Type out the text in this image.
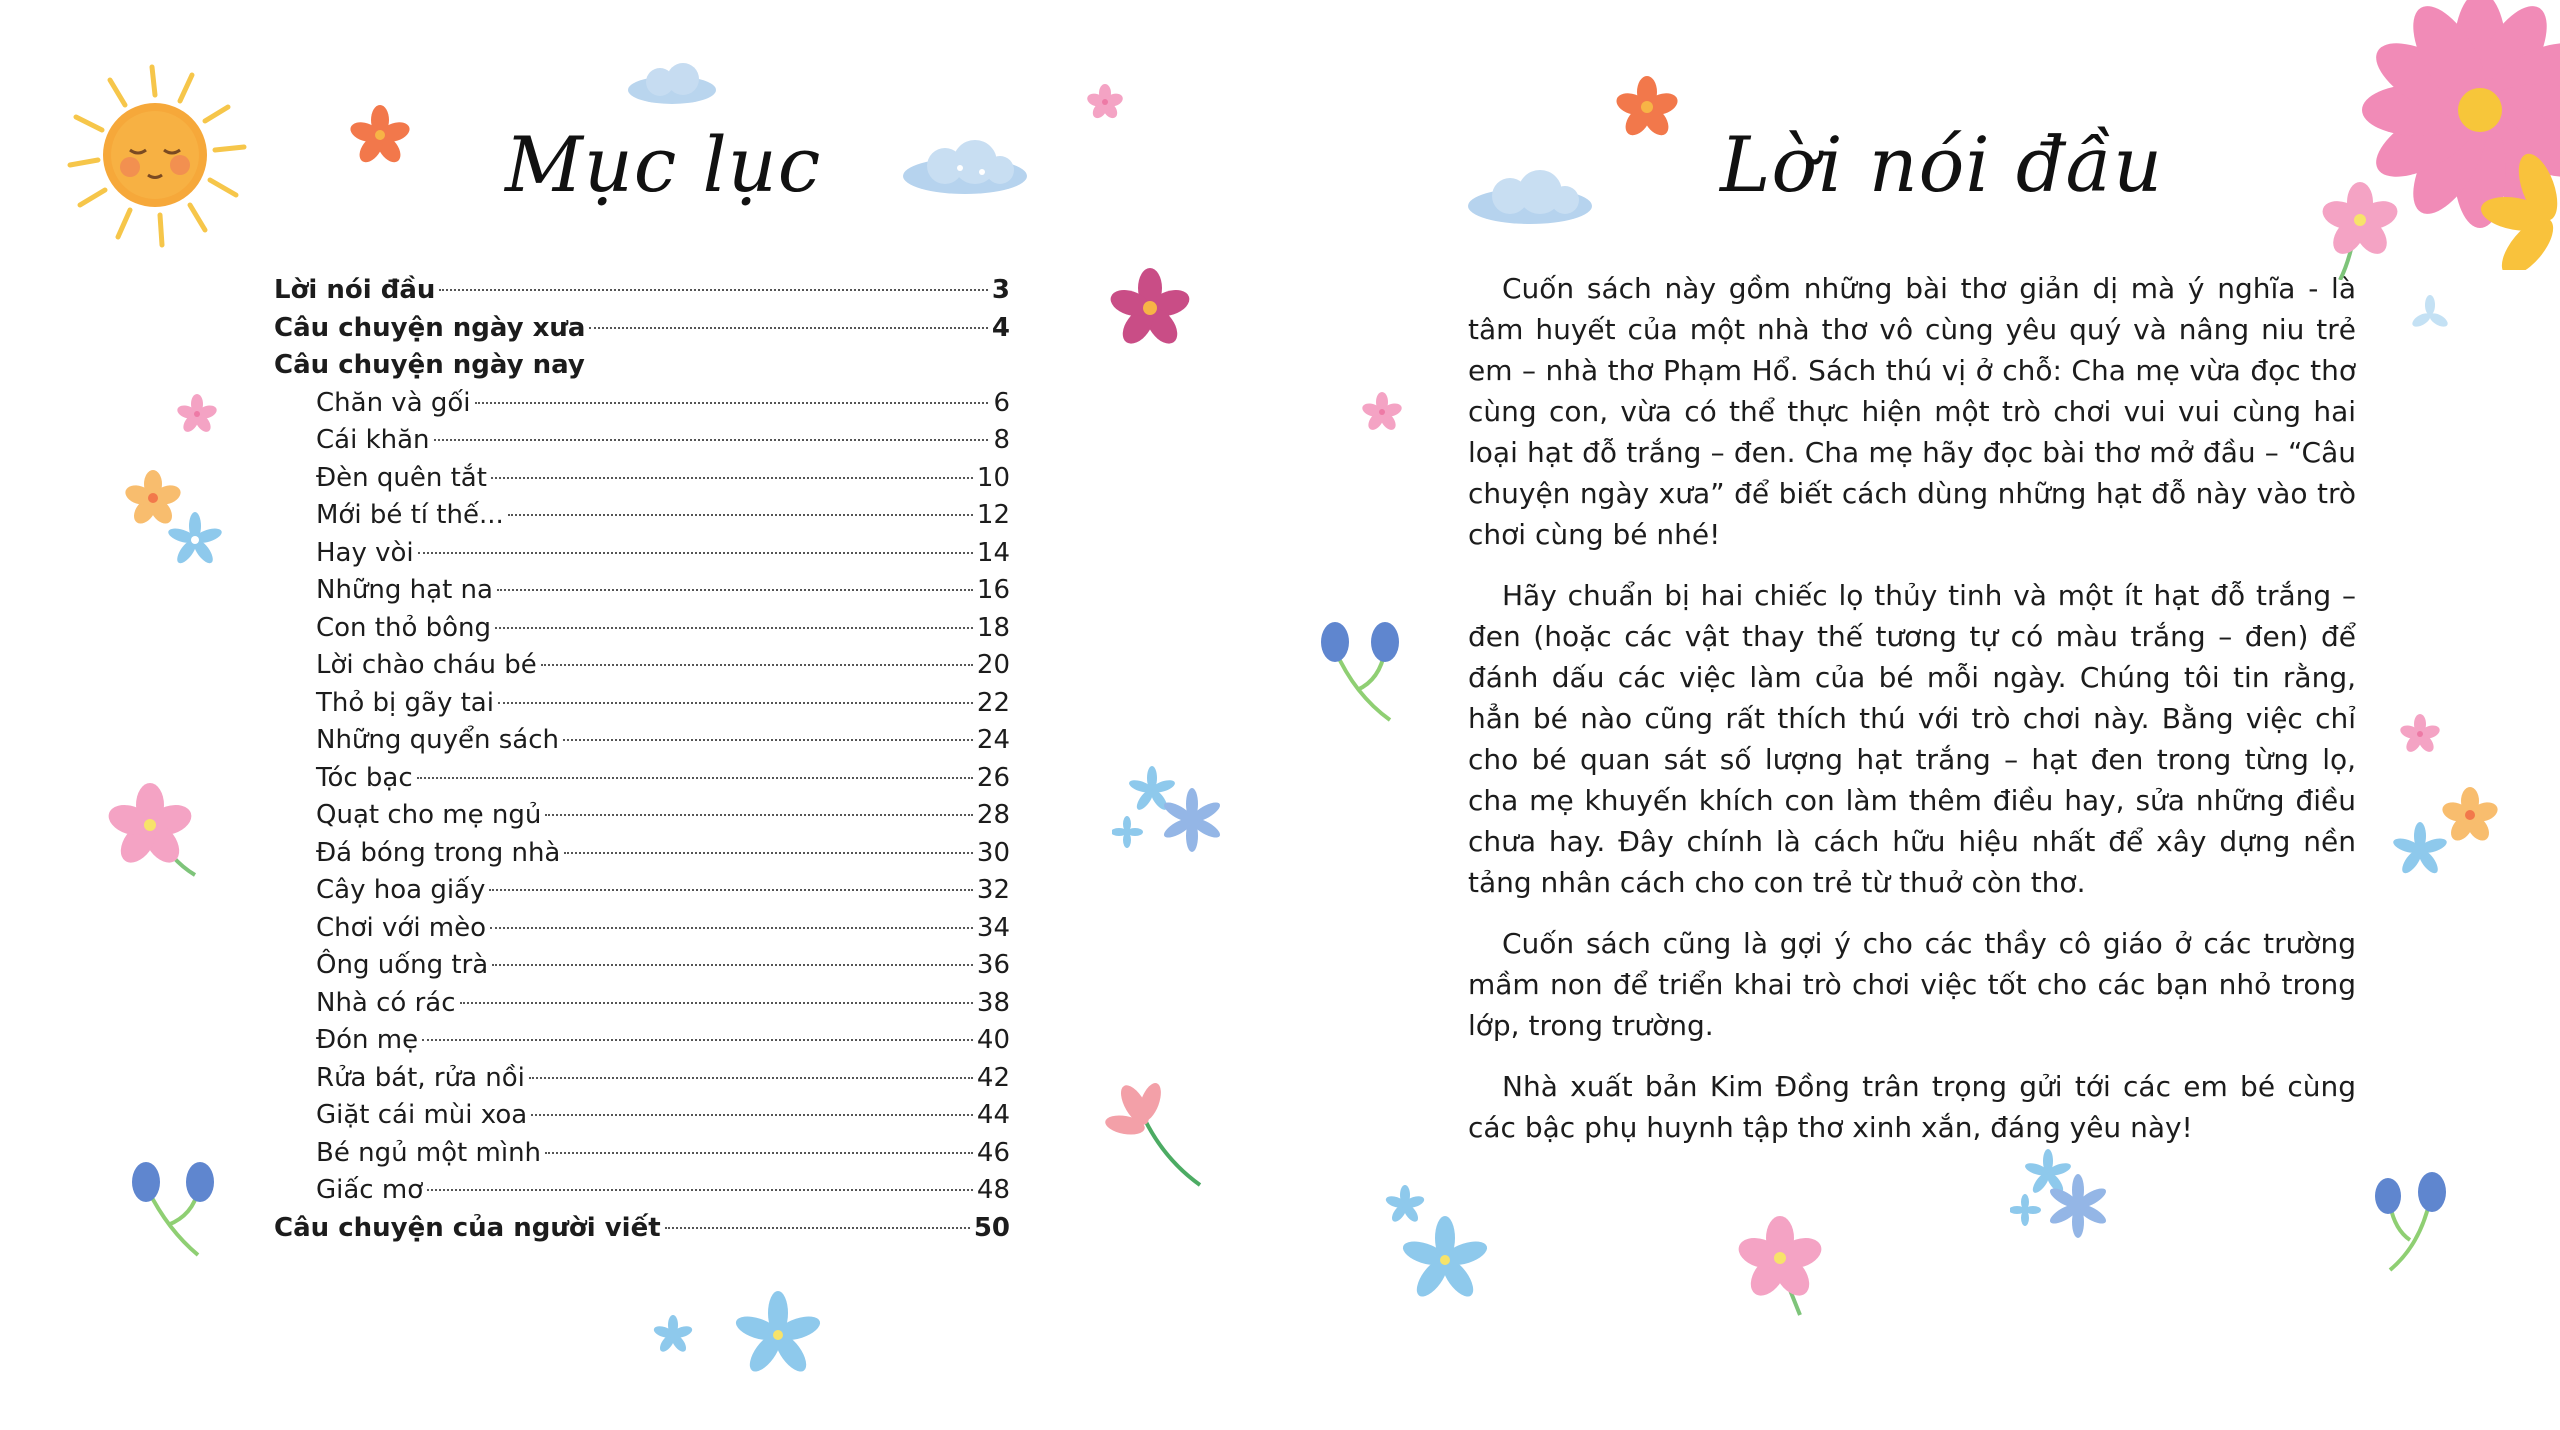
Mục lục
Lời nói đầu	3
Câu chuyện ngày xưa	4
Câu chuyện ngày nay
Chăn và gối	6
Cái khăn	8
Đèn quên tắt	10
Mới bé tí thế...	12
Hay vòi	14
Những hạt na	16
Con thỏ bông	18
Lời chào cháu bé	20
Thỏ bị gãy tai	22
Những quyển sách	24
Tóc bạc	26
Quạt cho mẹ ngủ	28
Đá bóng trong nhà	30
Cây hoa giấy	32
Chơi với mèo	34
Ông uống trà	36
Nhà có rác	38
Đón mẹ	40
Rửa bát, rửa nồi	42
Giặt cái mùi xoa	44
Bé ngủ một mình	46
Giấc mơ	48
Câu chuyện của người viết	50
Lời nói đầu

Cuốn sách này gồm những bài thơ giản dị mà ý nghĩa - là tâm huyết của một nhà thơ vô cùng yêu quý và nâng niu trẻ em – nhà thơ Phạm Hổ. Sách thú vị ở chỗ: Cha mẹ vừa đọc thơ cùng con, vừa có thể thực hiện một trò chơi vui vui cùng hai loại hạt đỗ trắng – đen. Cha mẹ hãy đọc bài thơ mở đầu – “Câu chuyện ngày xưa” để biết cách dùng những hạt đỗ này vào trò chơi cùng bé nhé!

Hãy chuẩn bị hai chiếc lọ thủy tinh và một ít hạt đỗ trắng – đen (hoặc các vật thay thế tương tự có màu trắng – đen) để đánh dấu các việc làm của bé mỗi ngày. Chúng tôi tin rằng, hẳn bé nào cũng rất thích thú với trò chơi này. Bằng việc chỉ cho bé quan sát số lượng hạt trắng – hạt đen trong từng lọ, cha mẹ khuyến khích con làm thêm điều hay, sửa những điều chưa hay. Đây chính là cách hữu hiệu nhất để xây dựng nền tảng nhân cách cho con trẻ từ thuở còn thơ.

Cuốn sách cũng là gợi ý cho các thầy cô giáo ở các trường mầm non để triển khai trò chơi việc tốt cho các bạn nhỏ trong lớp, trong trường.

Nhà xuất bản Kim Đồng trân trọng gửi tới các em bé cùng các bậc phụ huynh tập thơ xinh xắn, đáng yêu này!
